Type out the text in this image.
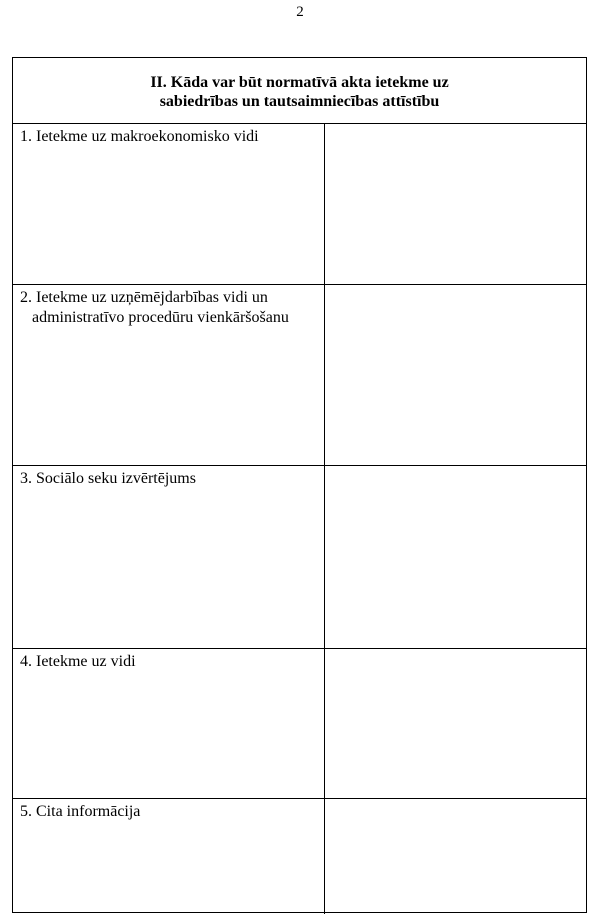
2
II. Kāda var būt normatīvā akta ietekme uz
sabiedrības un tautsaimniecības attīstību
1. Ietekme uz makroekonomisko vidi
2. Ietekme uz uzņēmējdarbības vidi un
administratīvo procedūru vienkāršošanu
3. Sociālo seku izvērtējums
4. Ietekme uz vidi
5. Cita informācija
